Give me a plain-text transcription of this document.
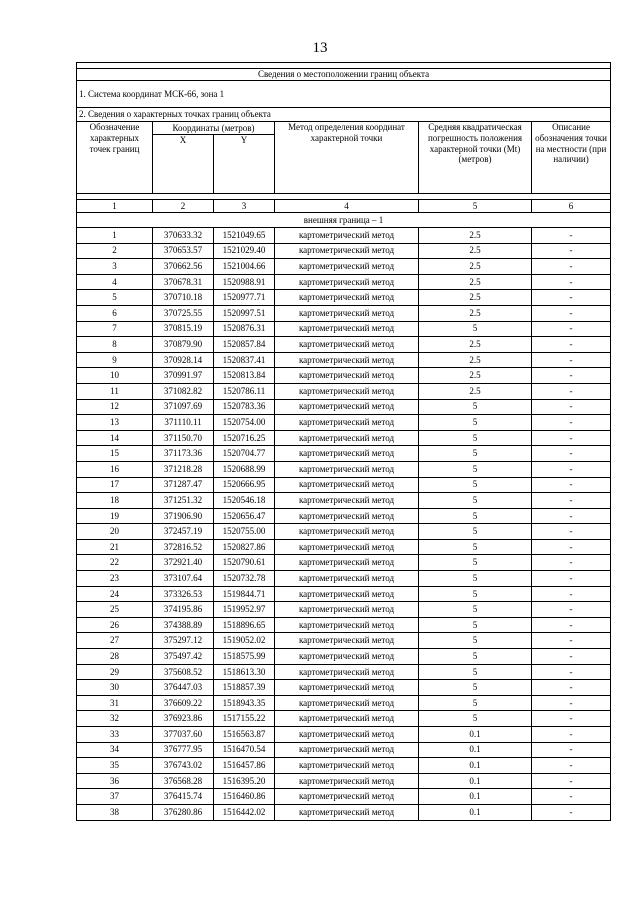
13

Сведения о местоположении границ объекта					
1. Система координат МСК-66, зона 1					
2. Сведения о характерных точках границ объекта					
Обозначение характерных точек границ	Координаты (метров)		Метод определения координат характерной точки	Средняя квадратическая погрешность положения характерной точки (Mt) (метров)	Описание обозначения точки на местности (при наличии)
	X	Y			

1	2	3	4	5	6
внешняя граница – 1					
1	370633.32	1521049.65	картометрический метод	2.5	-
2	370653.57	1521029.40	картометрический метод	2.5	-
3	370662.56	1521004.66	картометрический метод	2.5	-
4	370678.31	1520988.91	картометрический метод	2.5	-
5	370710.18	1520977.71	картометрический метод	2.5	-
6	370725.55	1520997.51	картометрический метод	2.5	-
7	370815.19	1520876.31	картометрический метод	5	-
8	370879.90	1520857.84	картометрический метод	2.5	-
9	370928.14	1520837.41	картометрический метод	2.5	-
10	370991.97	1520813.84	картометрический метод	2.5	-
11	371082.82	1520786.11	картометрический метод	2.5	-
12	371097.69	1520783.36	картометрический метод	5	-
13	371110.11	1520754.00	картометрический метод	5	-
14	371150.70	1520716.25	картометрический метод	5	-
15	371173.36	1520704.77	картометрический метод	5	-
16	371218.28	1520688.99	картометрический метод	5	-
17	371287.47	1520666.95	картометрический метод	5	-
18	371251.32	1520546.18	картометрический метод	5	-
19	371906.90	1520656.47	картометрический метод	5	-
20	372457.19	1520755.00	картометрический метод	5	-
21	372816.52	1520827.86	картометрический метод	5	-
22	372921.40	1520790.61	картометрический метод	5	-
23	373107.64	1520732.78	картометрический метод	5	-
24	373326.53	1519844.71	картометрический метод	5	-
25	374195.86	1519952.97	картометрический метод	5	-
26	374388.89	1518896.65	картометрический метод	5	-
27	375297.12	1519052.02	картометрический метод	5	-
28	375497.42	1518575.99	картометрический метод	5	-
29	375608.52	1518613.30	картометрический метод	5	-
30	376447.03	1518857.39	картометрический метод	5	-
31	376609.22	1518943.35	картометрический метод	5	-
32	376923.86	1517155.22	картометрический метод	5	-
33	377037.60	1516563.87	картометрический метод	0.1	-
34	376777.95	1516470.54	картометрический метод	0.1	-
35	376743.02	1516457.86	картометрический метод	0.1	-
36	376568.28	1516395.20	картометрический метод	0.1	-
37	376415.74	1516460.86	картометрический метод	0.1	-
38	376280.86	1516442.02	картометрический метод	0.1	-
